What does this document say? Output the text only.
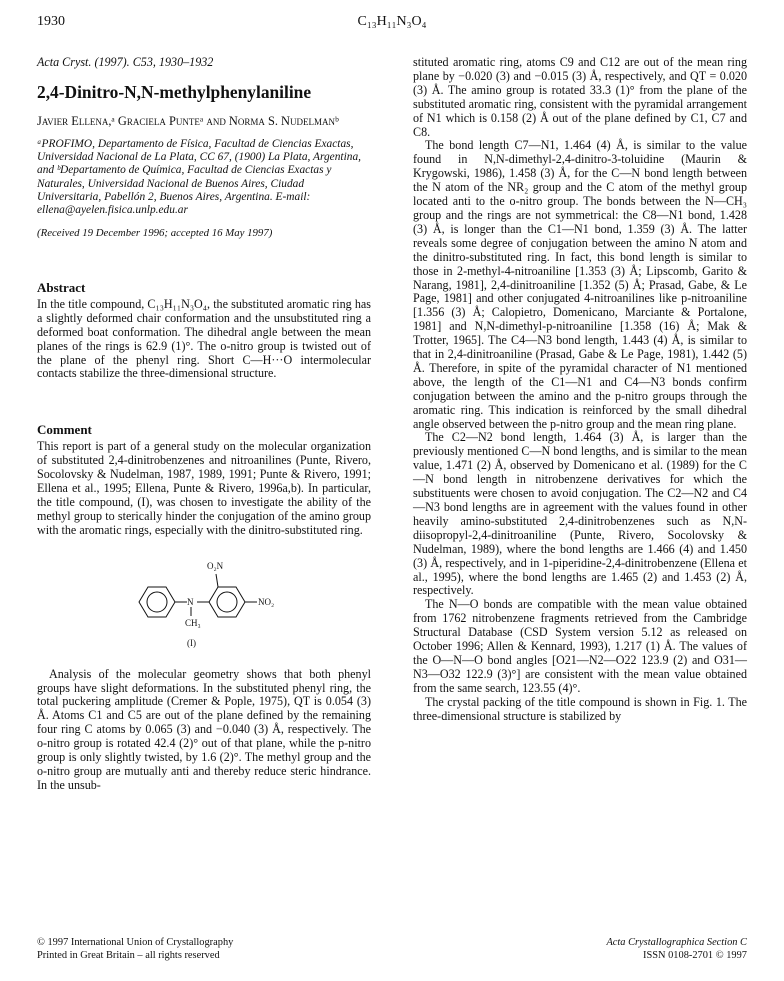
1930	C₁₃H₁₁N₃O₄
Acta Cryst. (1997). C53, 1930–1932
2,4-Dinitro-N,N-methylphenylaniline
Javier Ellena,ᵃ Graciela Punteᵃ and Norma S. Nudelmanᵇ
ᵃPROFIMO, Departamento de Física, Facultad de Ciencias Exactas, Universidad Nacional de La Plata, CC 67, (1900) La Plata, Argentina, and ᵇDepartamento de Química, Facultad de Ciencias Exactas y Naturales, Universidad Nacional de Buenos Aires, Ciudad Universitaria, Pabellón 2, Buenos Aires, Argentina. E-mail: ellena@ayelen.fisica.unlp.edu.ar
(Received 19 December 1996; accepted 16 May 1997)
Abstract

In the title compound, C₁₃H₁₁N₃O₄, the substituted aromatic ring has a slightly deformed chair conformation and the unsubstituted ring a deformed boat conformation. The dihedral angle between the mean planes of the rings is 62.9 (1)°. The o-nitro group is twisted out of the plane of the phenyl ring. Short C—H···O intermolecular contacts stabilize the three-dimensional structure.

Comment

This report is part of a general study on the molecular organization of substituted 2,4-dinitrobenzenes and nitroanilines (Punte, Rivero, Socolovsky & Nudelman, 1987, 1989, 1991; Punte & Rivero, 1991; Ellena et al., 1995; Ellena, Punte & Rivero, 1996a,b). In particular, the title compound, (I), was chosen to investigate the ability of the methyl group to sterically hinder the conjugation of the amino group with the aromatic rings, especially with the dinitro-substituted ring.

O₂N
N	NO₂
CH₃
(I)

Analysis of the molecular geometry shows that both phenyl groups have slight deformations. In the substituted phenyl ring, the total puckering amplitude (Cremer & Pople, 1975), QT is 0.054 (3) Å. Atoms C1 and C5 are out of the plane defined by the remaining four ring C atoms by 0.065 (3) and −0.040 (3) Å, respectively. The o-nitro group is rotated 42.4 (2)° out of that plane, while the p-nitro group is only slightly twisted, by 1.6 (2)°. The methyl group and the o-nitro group are mutually anti and thereby reduce steric hindrance. In the unsub-

stituted aromatic ring, atoms C9 and C12 are out of the mean ring plane by −0.020 (3) and −0.015 (3) Å, respectively, and QT = 0.020 (3) Å. The amino group is rotated 33.3 (1)° from the plane of the substituted aromatic ring, consistent with the pyramidal arrangement of N1 which is 0.158 (2) Å out of the plane defined by C1, C7 and C8.

The bond length C7—N1, 1.464 (4) Å, is similar to the value found in N,N-dimethyl-2,4-dinitro-3-toluidine (Maurin & Krygowski, 1986), 1.458 (3) Å, for the C—N bond length between the N atom of the NR₂ group and the C atom of the methyl group located anti to the o-nitro group. The bonds between the N—CH₃ group and the rings are not symmetrical: the C8—N1 bond, 1.428 (3) Å, is longer than the C1—N1 bond, 1.359 (3) Å. The latter reveals some degree of conjugation between the amino N atom and the dinitro-substituted ring. In fact, this bond length is similar to those in 2-methyl-4-nitroaniline [1.353 (3) Å; Lipscomb, Garito & Narang, 1981], 2,4-dinitroaniline [1.352 (5) Å; Prasad, Gabe, & Le Page, 1981] and other conjugated 4-nitroanilines like p-nitroaniline [1.356 (3) Å; Calopietro, Domenicano, Marciante & Portalone, 1981] and N,N-dimethyl-p-nitroaniline [1.358 (16) Å; Mak & Trotter, 1965]. The C4—N3 bond length, 1.443 (4) Å, is similar to that in 2,4-dinitroaniline (Prasad, Gabe & Le Page, 1981), 1.442 (5) Å. Therefore, in spite of the pyramidal character of N1 mentioned above, the length of the C1—N1 and C4—N3 bonds confirm conjugation between the amino and the p-nitro groups through the aromatic ring. This indication is reinforced by the small dihedral angle observed between the p-nitro group and the mean ring plane.

The C2—N2 bond length, 1.464 (3) Å, is larger than the previously mentioned C—N bond lengths, and is similar to the mean value, 1.471 (2) Å, observed by Domenicano et al. (1989) for the C—N bond length in nitrobenzene derivatives for which the substituents were chosen to avoid conjugation. The C2—N2 and C4—N3 bond lengths are in agreement with the values found in other heavily amino-substituted 2,4-dinitrobenzenes such as N,N-diisopropyl-2,4-dinitroaniline (Punte, Rivero, Socolovsky & Nudelman, 1989), where the bond lengths are 1.466 (4) and 1.450 (3) Å, respectively, and in 1-piperidine-2,4-dinitrobenzene (Ellena et al., 1995), where the bond lengths are 1.465 (2) and 1.453 (2) Å, respectively.

The N—O bonds are compatible with the mean value obtained from 1762 nitrobenzene fragments retrieved from the Cambridge Structural Database (CSD System version 5.12 as released on October 1996; Allen & Kennard, 1993), 1.217 (1) Å. The values of the O—N—O bond angles [O21—N2—O22 123.9 (2) and O31—N3—O32 122.9 (3)°] are consistent with the mean value obtained from the same search, 123.55 (4)°.

The crystal packing of the title compound is shown in Fig. 1. The three-dimensional structure is stabilized by

© 1997 International Union of Crystallography
Printed in Great Britain – all rights reserved
Acta Crystallographica Section C
ISSN 0108-2701 © 1997
